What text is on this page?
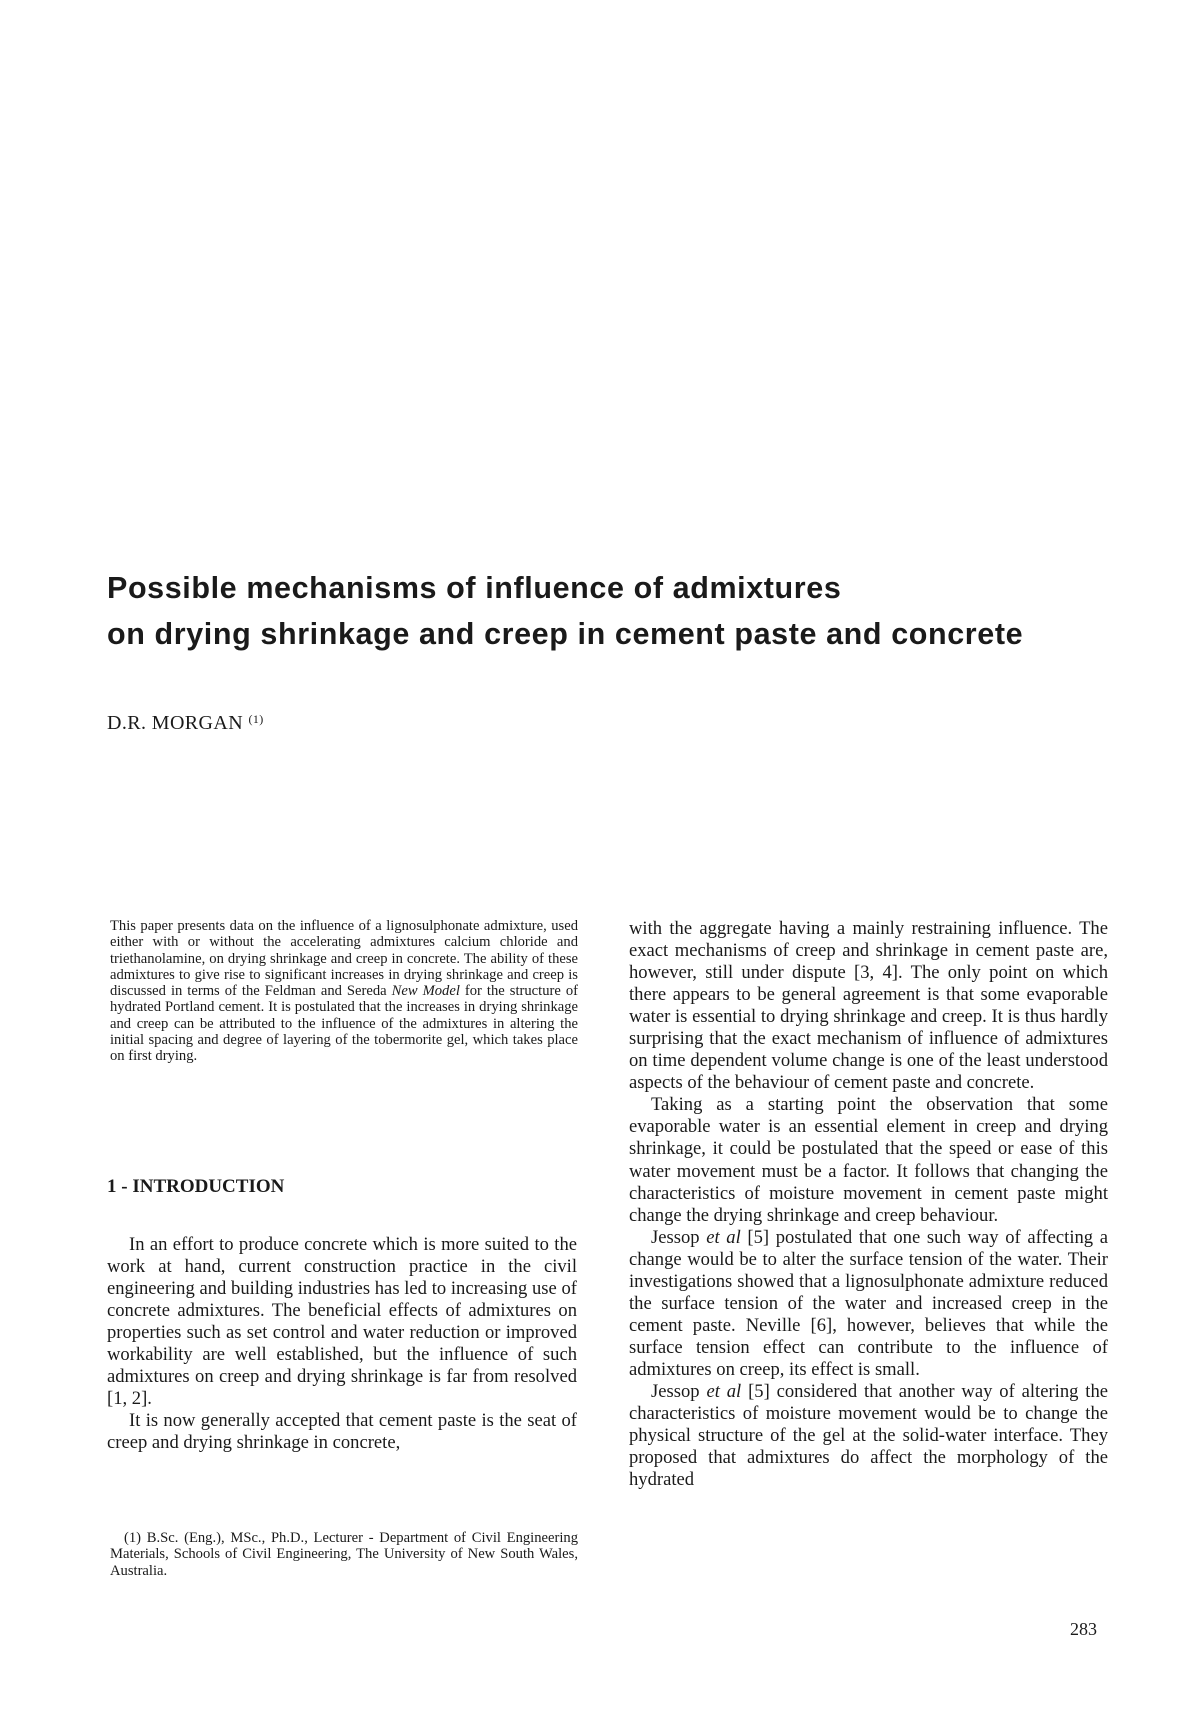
Possible mechanisms of influence of admixtures
on drying shrinkage and creep in cement paste and concrete
D.R. MORGAN $^{(1)}$

This paper presents data on the influence of a lignosulphonate admixture, used either with or without the accelerating admixtures calcium chloride and triethanolamine, on drying shrinkage and creep in concrete. The ability of these admixtures to give rise to significant increases in drying shrinkage and creep is discussed in terms of the Feldman and Sereda New Model for the structure of hydrated Portland cement. It is postulated that the increases in drying shrinkage and creep can be attributed to the influence of the admixtures in altering the initial spacing and degree of layering of the tobermorite gel, which takes place on first drying.

1 - INTRODUCTION

In an effort to produce concrete which is more suited to the work at hand, current construction practice in the civil engineering and building industries has led to increasing use of concrete admixtures. The beneficial effects of admixtures on properties such as set control and water reduction or improved workability are well established, but the influence of such admixtures on creep and drying shrinkage is far from resolved [1, 2].

It is now generally accepted that cement paste is the seat of creep and drying shrinkage in concrete,

(1) B.Sc. (Eng.), MSc., Ph.D., Lecturer - Department of Civil Engineering Materials, Schools of Civil Engineering, The University of New South Wales, Australia.

with the aggregate having a mainly restraining influence. The exact mechanisms of creep and shrinkage in cement paste are, however, still under dispute [3, 4]. The only point on which there appears to be general agreement is that some evaporable water is essential to drying shrinkage and creep. It is thus hardly surprising that the exact mechanism of influence of admixtures on time dependent volume change is one of the least understood aspects of the behaviour of cement paste and concrete.

Taking as a starting point the observation that some evaporable water is an essential element in creep and drying shrinkage, it could be postulated that the speed or ease of this water movement must be a factor. It follows that changing the characteristics of moisture movement in cement paste might change the drying shrinkage and creep behaviour.

Jessop et al [5] postulated that one such way of affecting a change would be to alter the surface tension of the water. Their investigations showed that a lignosulphonate admixture reduced the surface tension of the water and increased creep in the cement paste. Neville [6], however, believes that while the surface tension effect can contribute to the influence of admixtures on creep, its effect is small.

Jessop et al [5] considered that another way of altering the characteristics of moisture movement would be to change the physical structure of the gel at the solid-water interface. They proposed that admixtures do affect the morphology of the hydrated

283
